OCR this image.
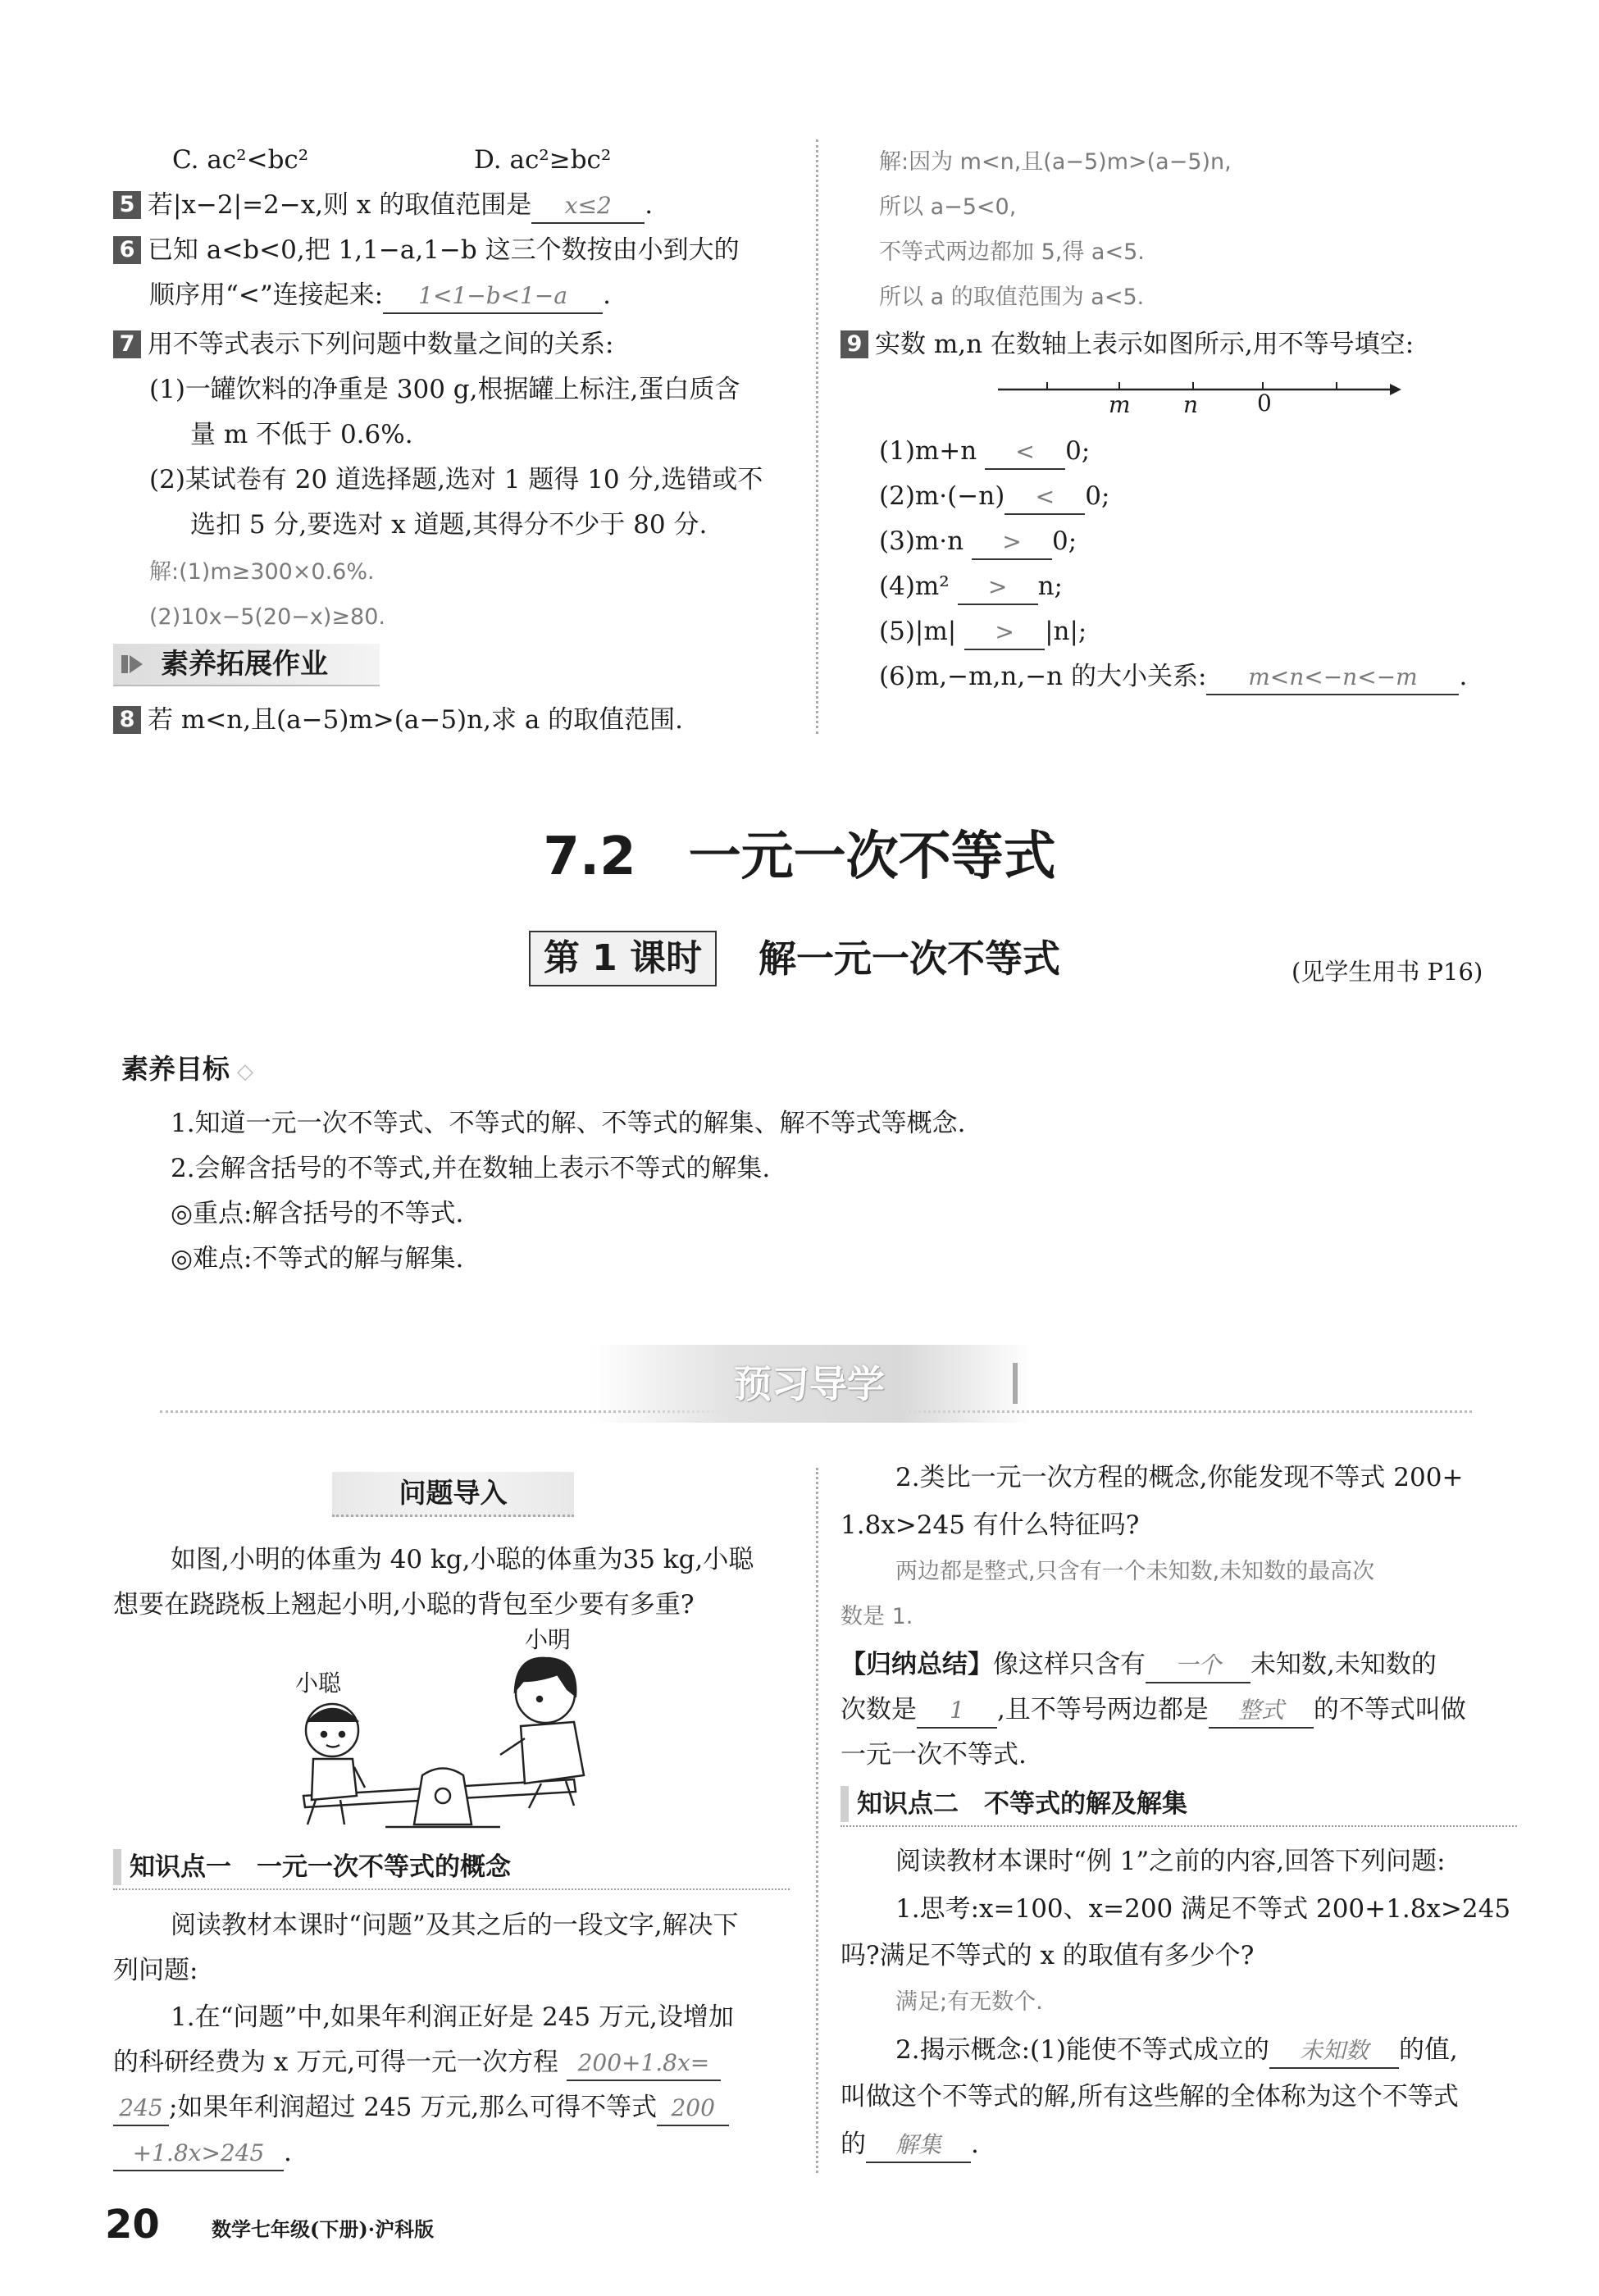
C. ac²<bc²	D. ac²≥bc²
5 若|x−2|=2−x,则 x 的取值范围是 x≤2 .
6 已知 a<b<0,把 1,1−a,1−b 这三个数按由小到大的
顺序用“<”连接起来: 1<1−b<1−a .
7 用不等式表示下列问题中数量之间的关系:
(1)一罐饮料的净重是 300 g,根据罐上标注,蛋白质含
量 m 不低于 0.6%.
(2)某试卷有 20 道选择题,选对 1 题得 10 分,选错或不
选扣 5 分,要选对 x 道题,其得分不少于 80 分.
解:(1)m≥300×0.6%.
(2)10x−5(20−x)≥80.
素养拓展作业
8 若 m<n,且(a−5)m>(a−5)n,求 a 的取值范围.
解:因为 m<n,且(a−5)m>(a−5)n,
所以 a−5<0,
不等式两边都加 5,得 a<5.
所以 a 的取值范围为 a<5.
9 实数 m,n 在数轴上表示如图所示,用不等号填空:
m n	0
(1)m+n < 0;
(2)m·(−n) < 0;
(3)m·n > 0;
(4)m² > n;
(5)|m| > |n|;
(6)m,−m,n,−n 的大小关系: m<n<−n<−m .
7.2　一元一次不等式
第 1 课时	解一元一次不等式	(见学生用书 P16)
素养目标 ◇
1.知道一元一次不等式、不等式的解、不等式的解集、解不等式等概念.
2.会解含括号的不等式,并在数轴上表示不等式的解集.
◎重点:解含括号的不等式.
◎难点:不等式的解与解集.
预习导学
问题导入
如图,小明的体重为 40 kg,小聪的体重为35 kg,小聪
想要在跷跷板上翘起小明,小聪的背包至少要有多重?
小明
小聪
知识点一　一元一次不等式的概念
阅读教材本课时“问题”及其之后的一段文字,解决下
列问题:
1.在“问题”中,如果年利润正好是 245 万元,设增加
的科研经费为 x 万元,可得一元一次方程 200+1.8x=
245 ;如果年利润超过 245 万元,那么可得不等式 200
+1.8x>245 .
2.类比一元一次方程的概念,你能发现不等式 200+
1.8x>245 有什么特征吗?
两边都是整式,只含有一个未知数,未知数的最高次
数是 1.
【归纳总结】像这样只含有 一个 未知数,未知数的
次数是 1 ,且不等号两边都是 整式 的不等式叫做
一元一次不等式.
知识点二　不等式的解及解集
阅读教材本课时“例 1”之前的内容,回答下列问题:
1.思考:x=100、x=200 满足不等式 200+1.8x>245
吗?满足不等式的 x 的取值有多少个?
满足;有无数个.
2.揭示概念:(1)能使不等式成立的 未知数 的值,
叫做这个不等式的解,所有这些解的全体称为这个不等式
的 解集 .
20	数学七年级(下册)·沪科版
